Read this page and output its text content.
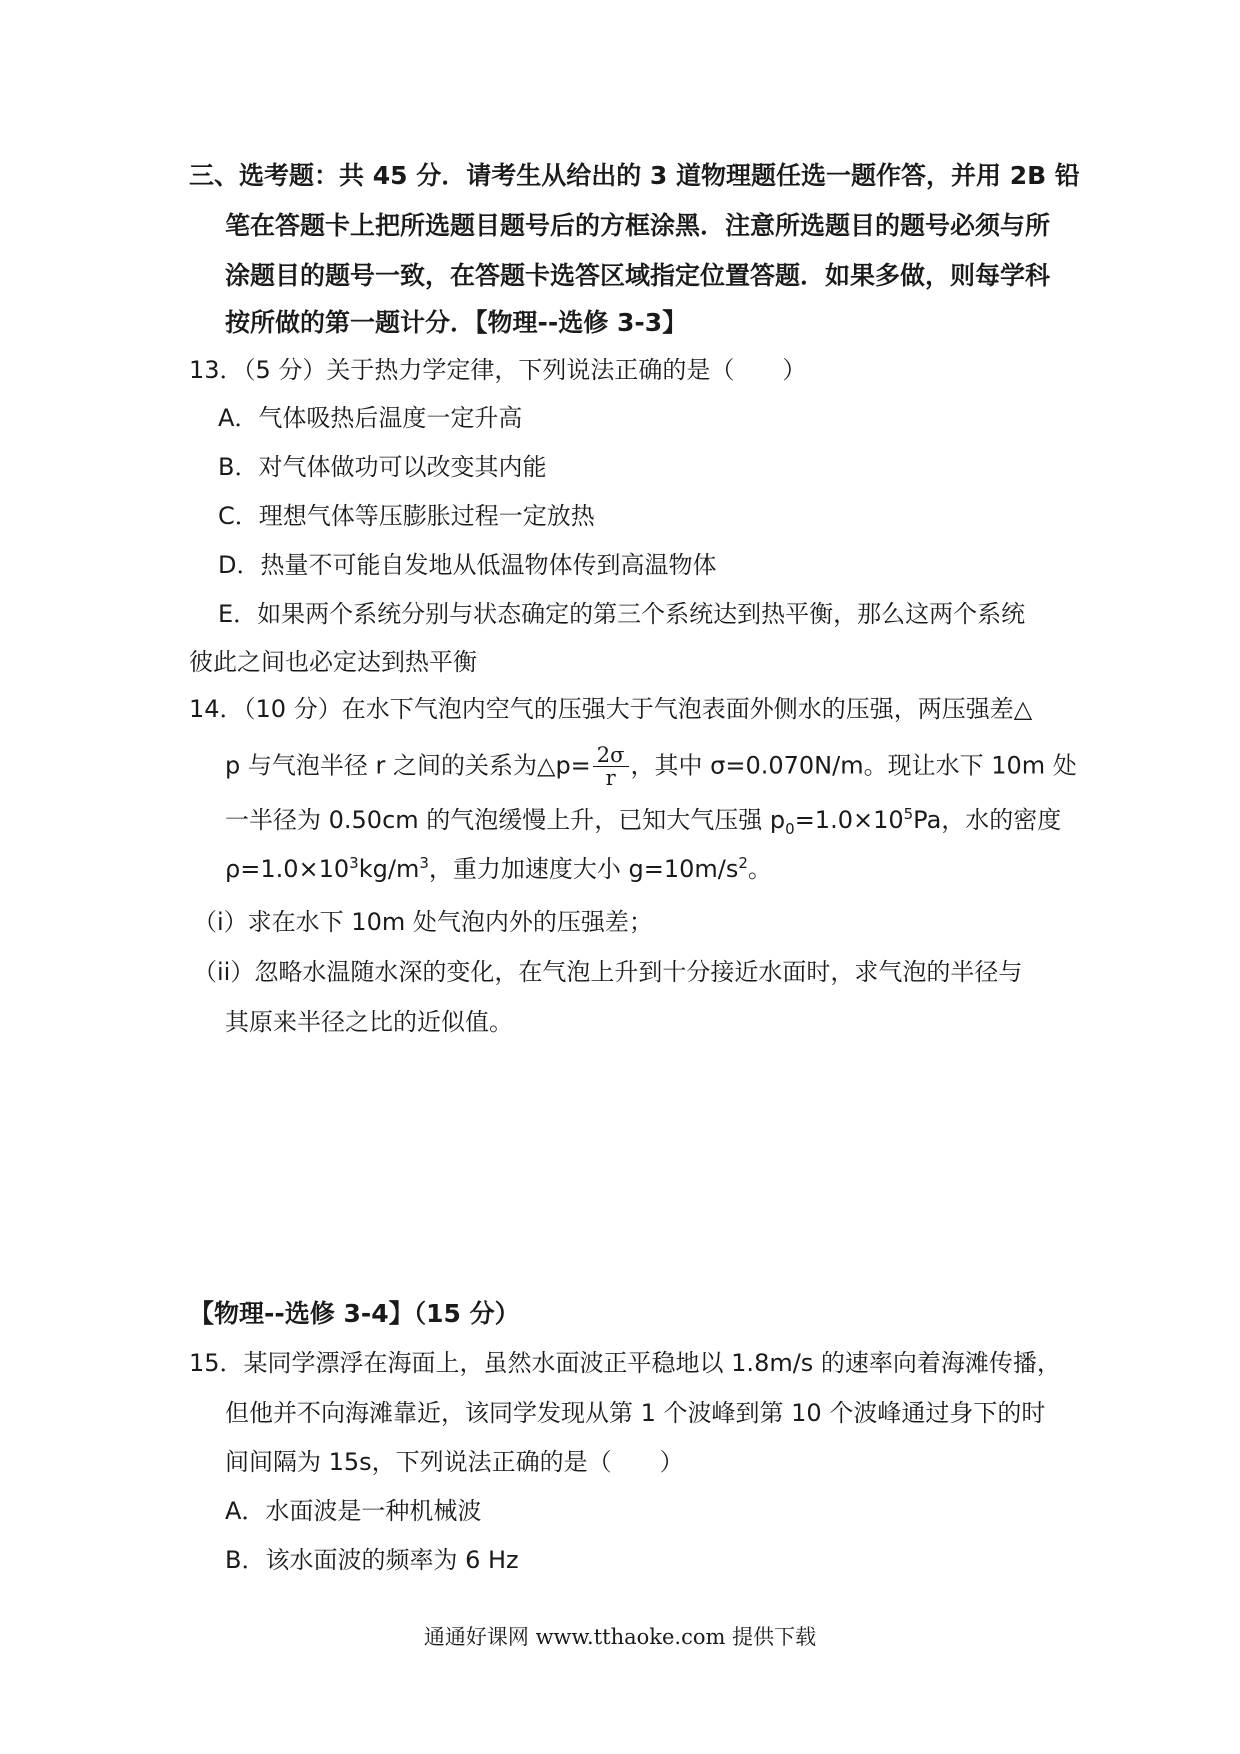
三、选考题：共 45 分．请考生从给出的 3 道物理题任选一题作答，并用 2B 铅
笔在答题卡上把所选题目题号后的方框涂黑．注意所选题目的题号必须与所
涂题目的题号一致，在答题卡选答区域指定位置答题．如果多做，则每学科
按所做的第一题计分．【物理--选修 3-3】
13．（5 分）关于热力学定律，下列说法正确的是（　　）
A．气体吸热后温度一定升高
B．对气体做功可以改变其内能
C．理想气体等压膨胀过程一定放热
D．热量不可能自发地从低温物体传到高温物体
E．如果两个系统分别与状态确定的第三个系统达到热平衡，那么这两个系统
彼此之间也必定达到热平衡
14．（10 分）在水下气泡内空气的压强大于气泡表面外侧水的压强，两压强差△
p 与气泡半径 r 之间的关系为△p= $\frac{2\sigma}{r}$ ，其中 σ=0.070N/m。现让水下 10m 处
一半径为 0.50cm 的气泡缓慢上升，已知大气压强 $p_0=1.0\times 10^5Pa$，水的密度
$\rho=1.0\times 10^3kg/m^3$，重力加速度大小 $g=10m/s^2$。
（i）求在水下 10m 处气泡内外的压强差；
（ii）忽略水温随水深的变化，在气泡上升到十分接近水面时，求气泡的半径与
其原来半径之比的近似值。
【物理--选修 3-4】（15 分）
15．某同学漂浮在海面上，虽然水面波正平稳地以 1.8m/s 的速率向着海滩传播，
但他并不向海滩靠近，该同学发现从第 1 个波峰到第 10 个波峰通过身下的时
间间隔为 15s，下列说法正确的是（　　）
A．水面波是一种机械波
B．该水面波的频率为 6 Hz
通通好课网 www.tthaoke.com 提供下载
